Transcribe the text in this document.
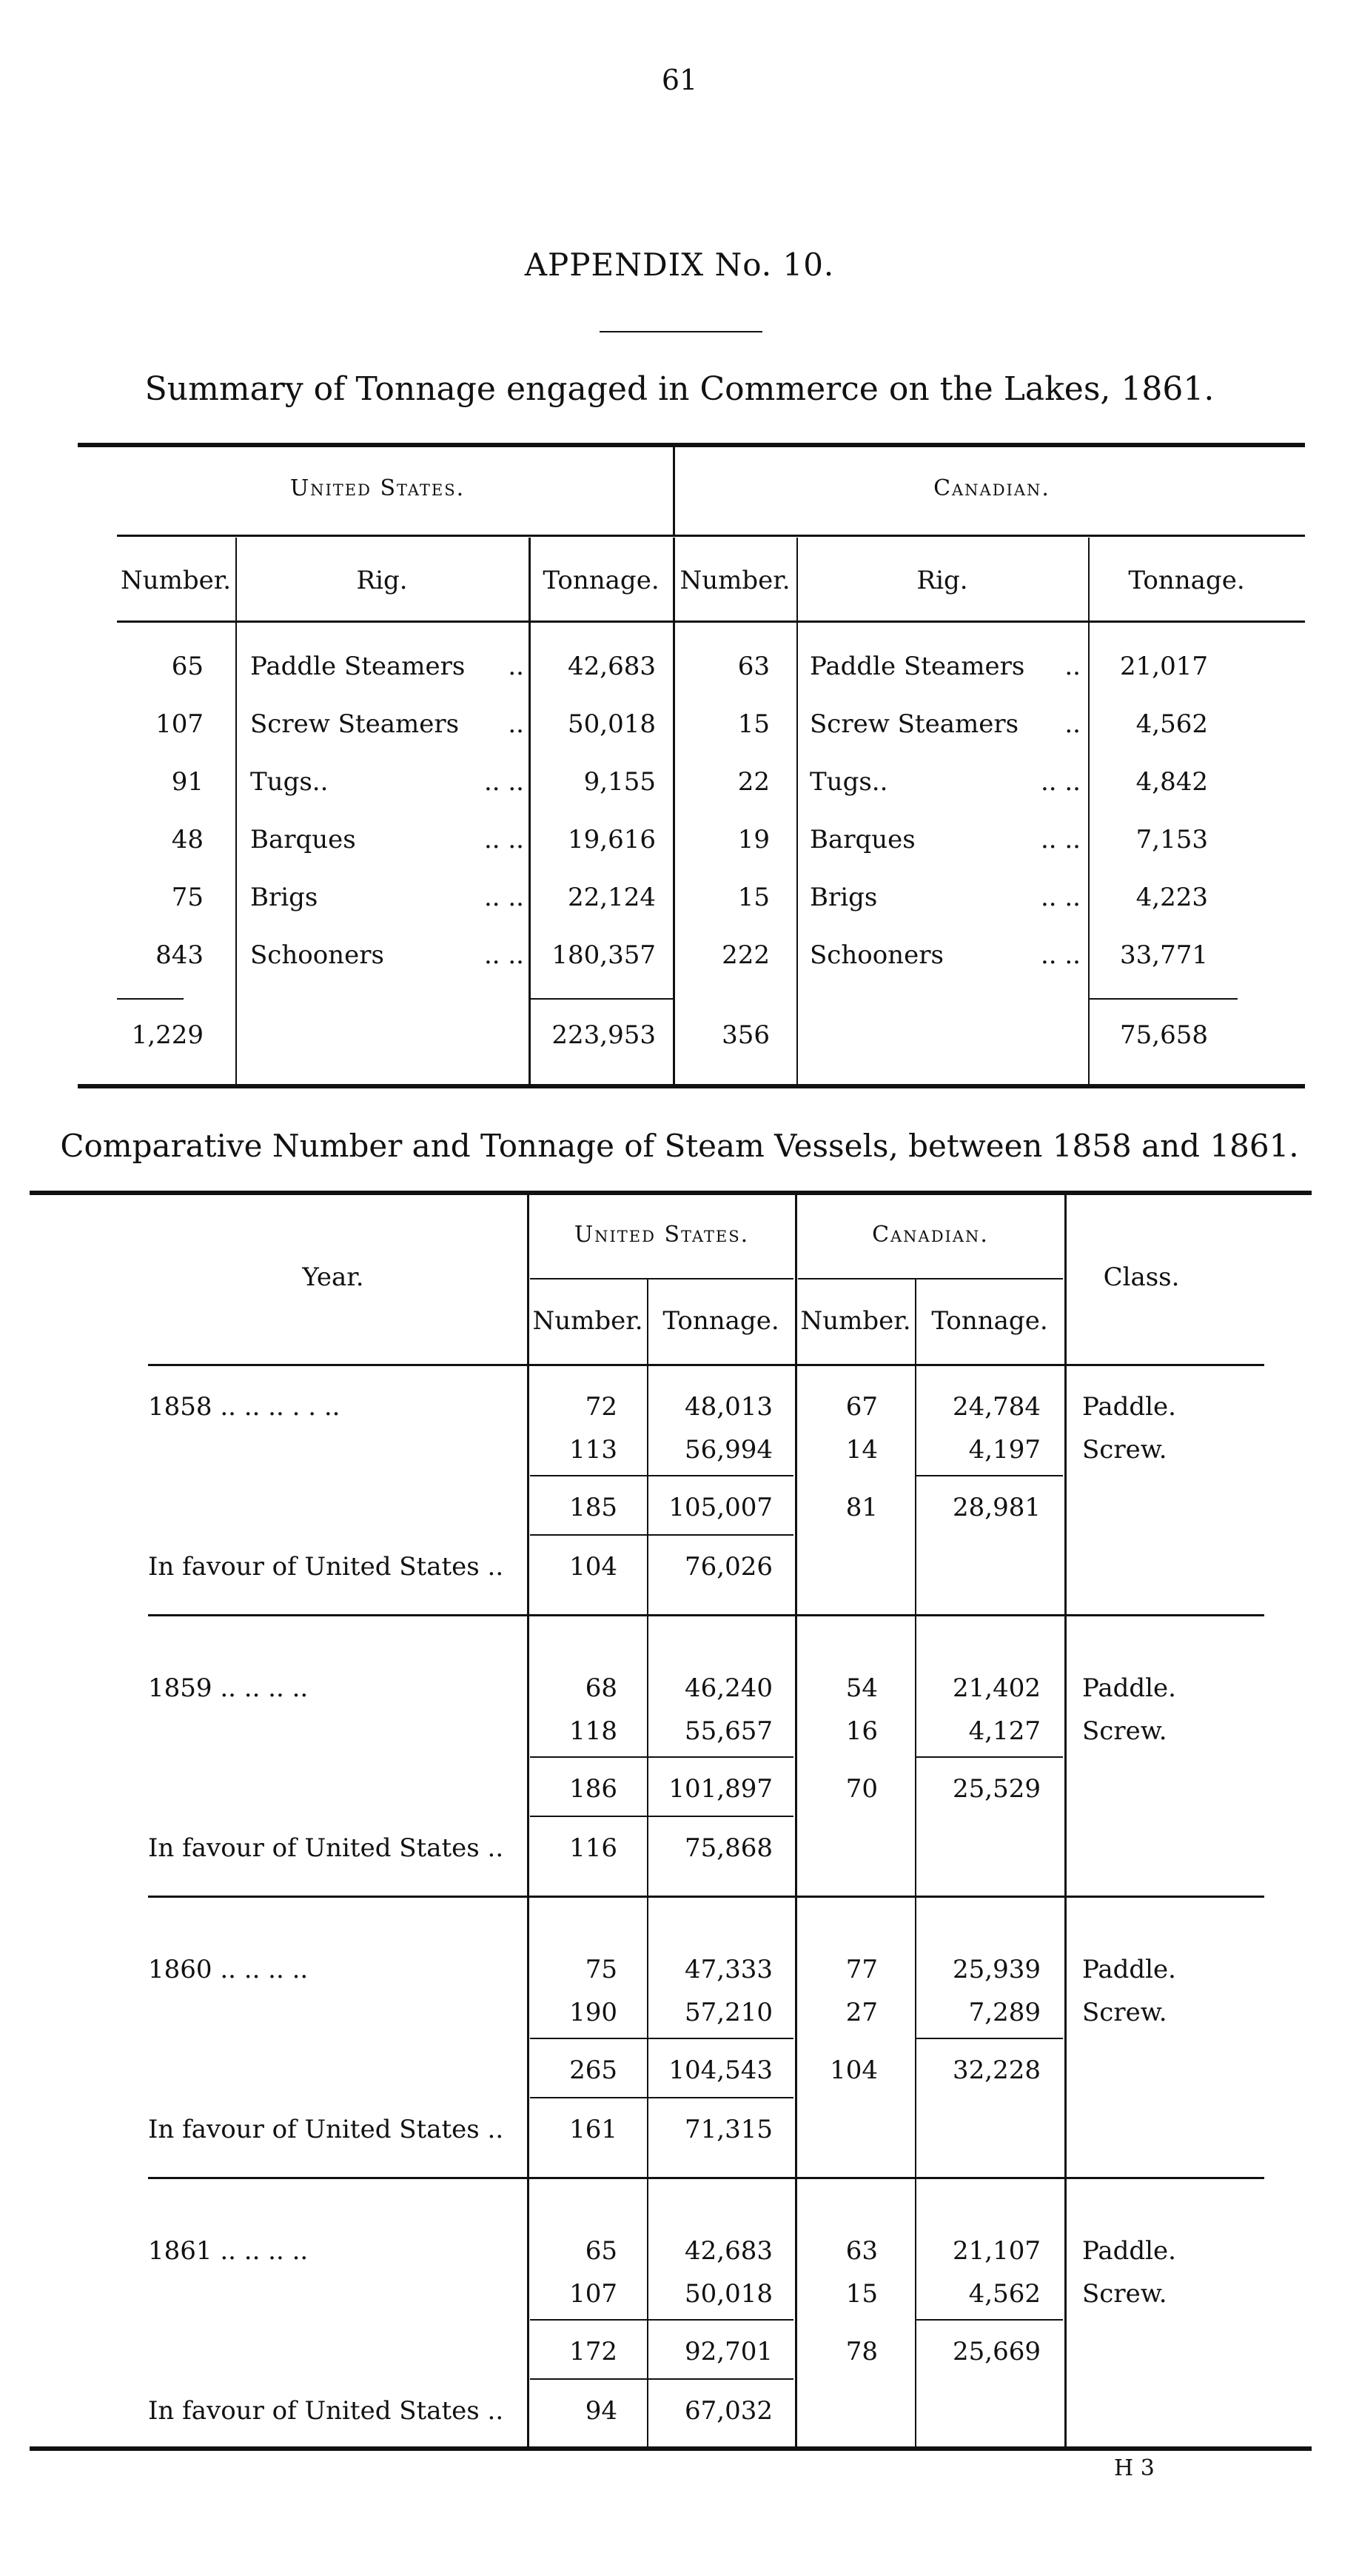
61
APPENDIX No. 10.
Summary of Tonnage engaged in Commerce on the Lakes, 1861.
United States.	Canadian.
Number.	Rig.	Tonnage. Number.	Rig.	Tonnage.
65 Paddle Steamers	..	42,683	63 Paddle Steamers	..	21,017
107 Screw Steamers	..	50,018	15 Screw Steamers	..	4,562
91 Tugs..	.. ..	9,155	22 Tugs..	.. ..	4,842
48 Barques	.. ..	19,616	19 Barques	.. ..	7,153
75 Brigs	.. ..	22,124	15 Brigs	.. ..	4,223
843 Schooners	.. ..	180,357	222 Schooners	.. ..	33,771
1,229	223,953	356	75,658
Comparative Number and Tonnage of Steam Vessels, between 1858 and 1861.
Year.
United States.	Canadian.
Class.
Number. Tonnage. Number. Tonnage.
1858 .. .. .. . . ..	72	48,013	67	24,784 Paddle.
113	56,994	14	4,197 Screw.
185	105,007	81	28,981
In favour of United States ..	104	76,026
1859 .. .. .. ..	68	46,240	54	21,402 Paddle.
118	55,657	16	4,127 Screw.
186	101,897	70	25,529
In favour of United States ..	116	75,868
1860 .. .. .. ..	75	47,333	77	25,939 Paddle.
190	57,210	27	7,289 Screw.
265	104,543	104	32,228
In favour of United States ..	161	71,315
1861 .. .. .. ..	65	42,683	63	21,107 Paddle.
107	50,018	15	4,562 Screw.
172	92,701	78	25,669
In favour of United States ..	94	67,032
H 3
